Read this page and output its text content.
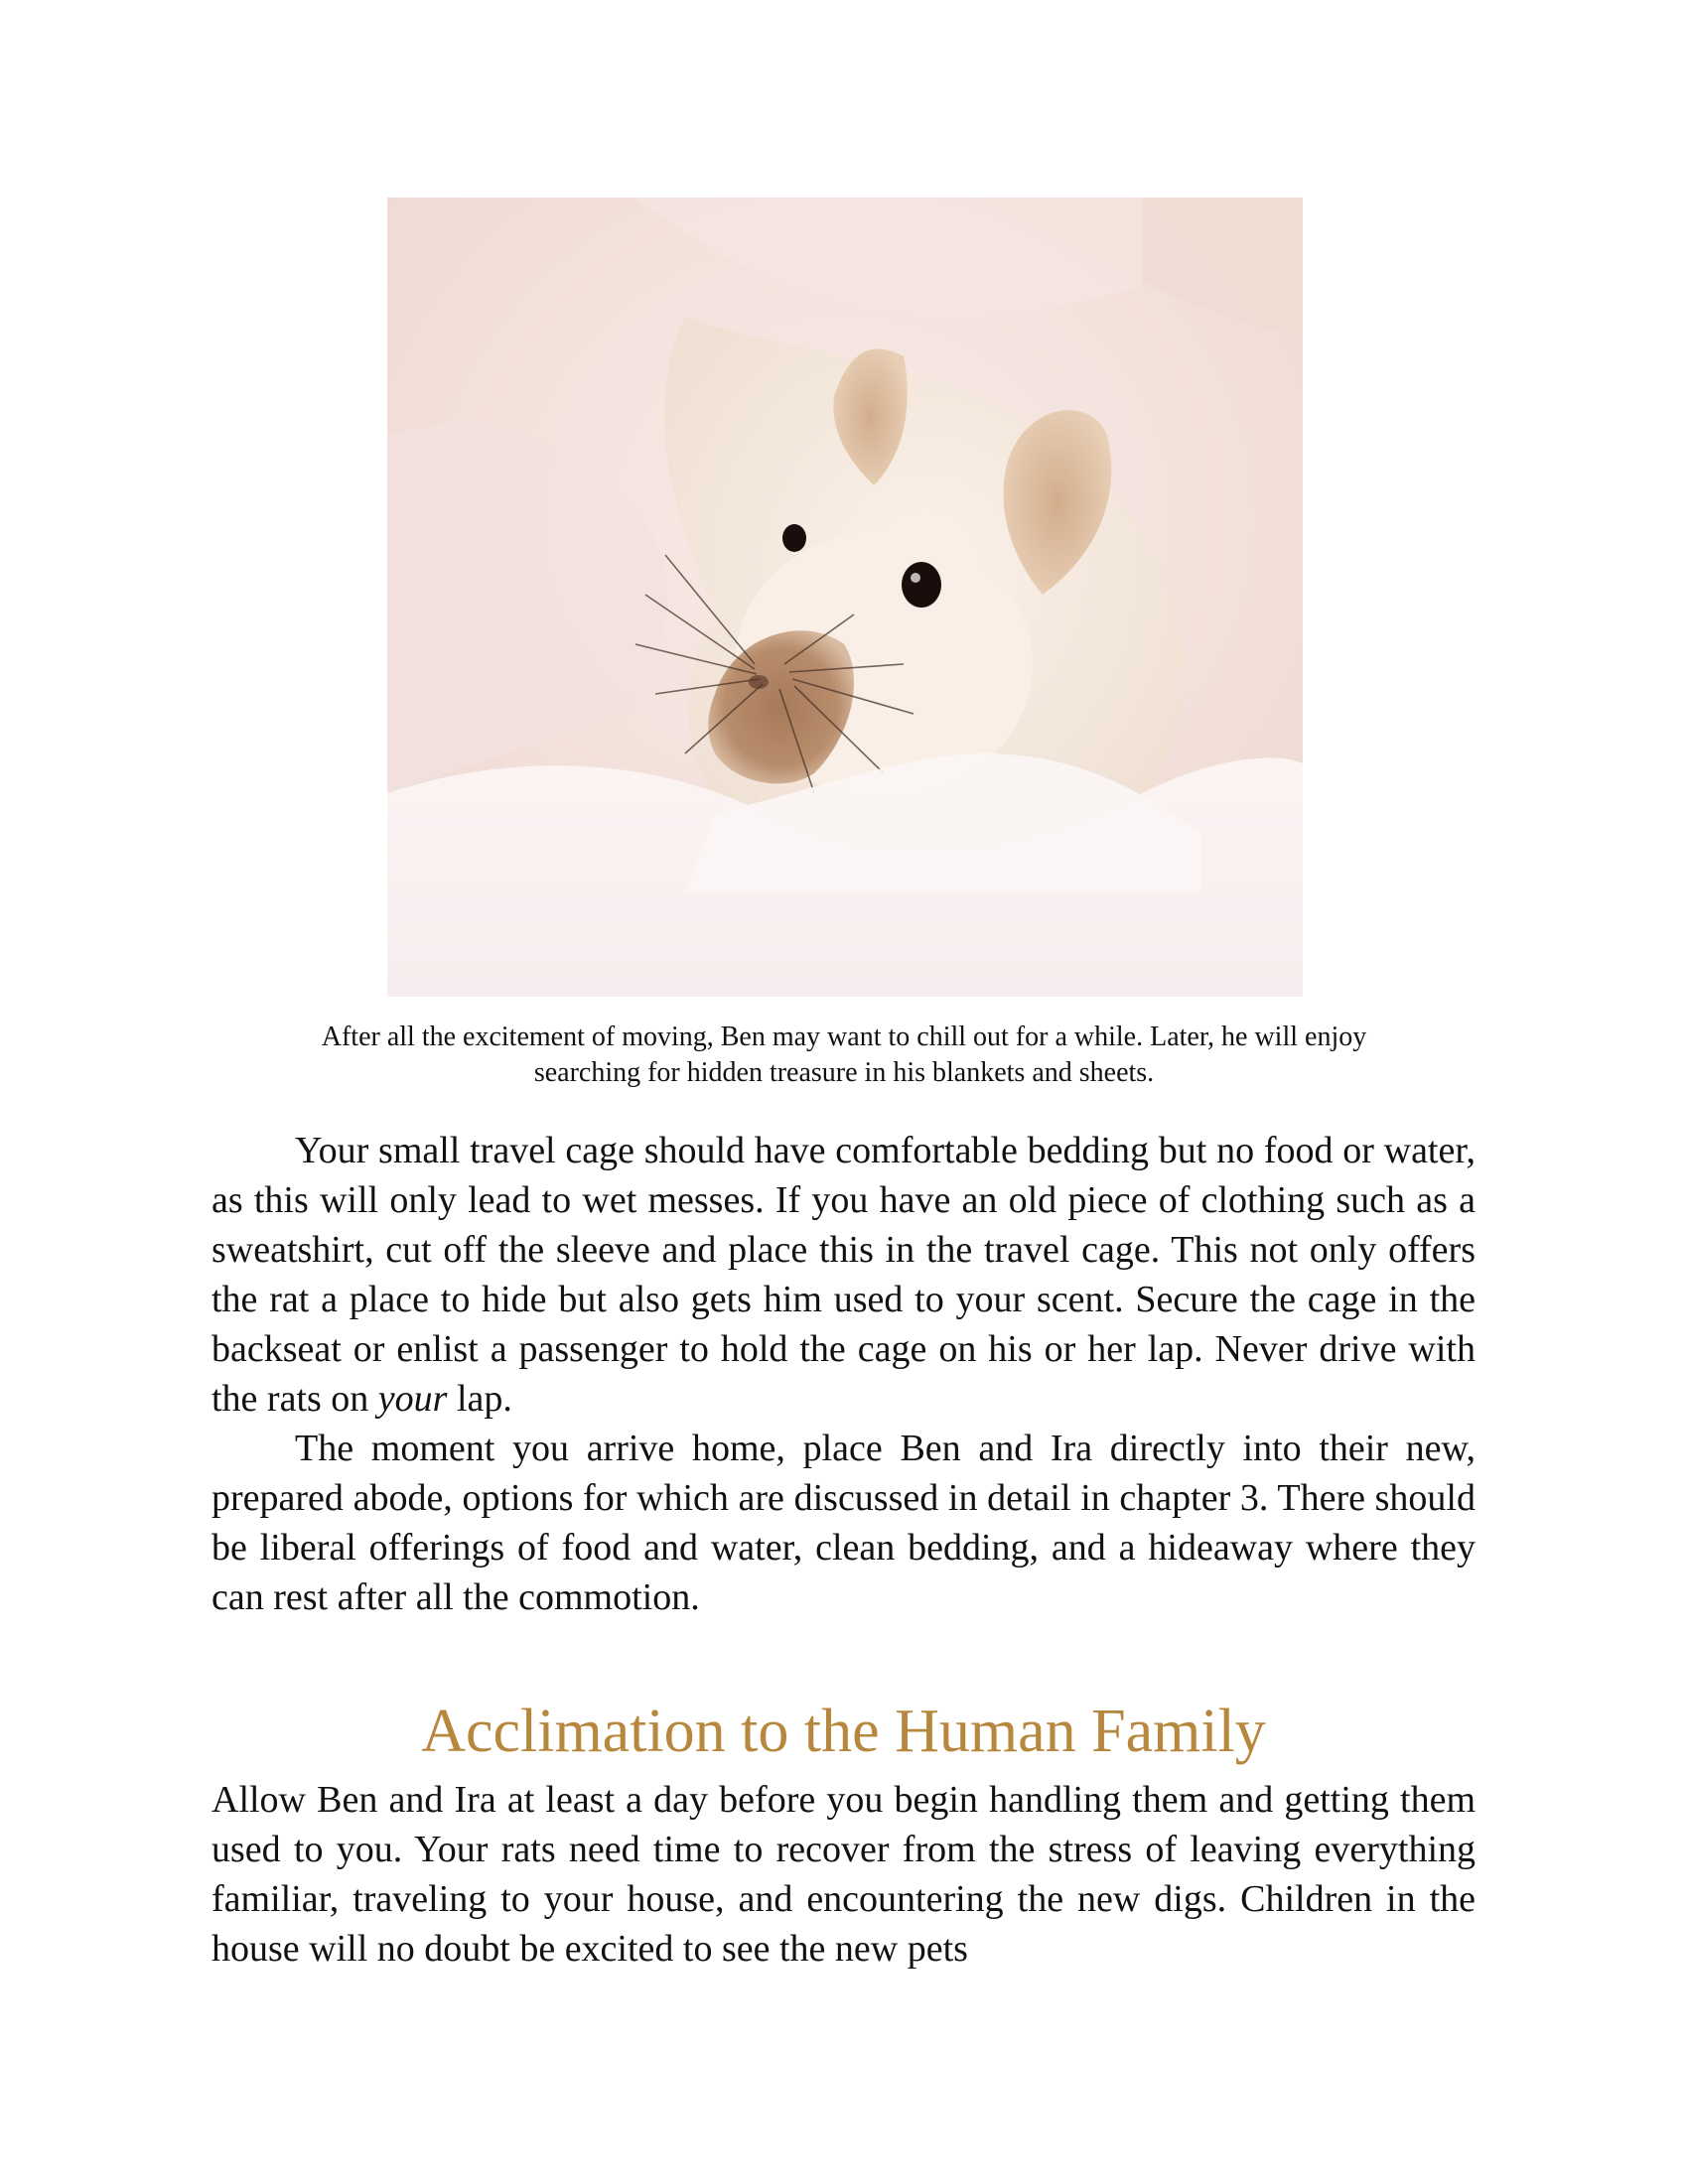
After all the excitement of moving, Ben may want to chill out for a while. Later, he will enjoy

searching for hidden treasure in his blankets and sheets.

Your small travel cage should have comfortable bedding but no food or water, as this will only lead to wet messes. If you have an old piece of clothing such as a sweatshirt, cut off the sleeve and place this in the travel cage. This not only offers the rat a place to hide but also gets him used to your scent. Secure the cage in the backseat or enlist a passenger to hold the cage on his or her lap. Never drive with the rats on your lap.

The moment you arrive home, place Ben and Ira directly into their new, prepared abode, options for which are discussed in detail in chapter 3. There should be liberal offerings of food and water, clean bedding, and a hideaway where they can rest after all the commotion.

Acclimation to the Human Family

Allow Ben and Ira at least a day before you begin handling them and getting them used to you. Your rats need time to recover from the stress of leaving everything familiar, traveling to your house, and encountering the new digs. Children in the house will no doubt be excited to see the new pets
